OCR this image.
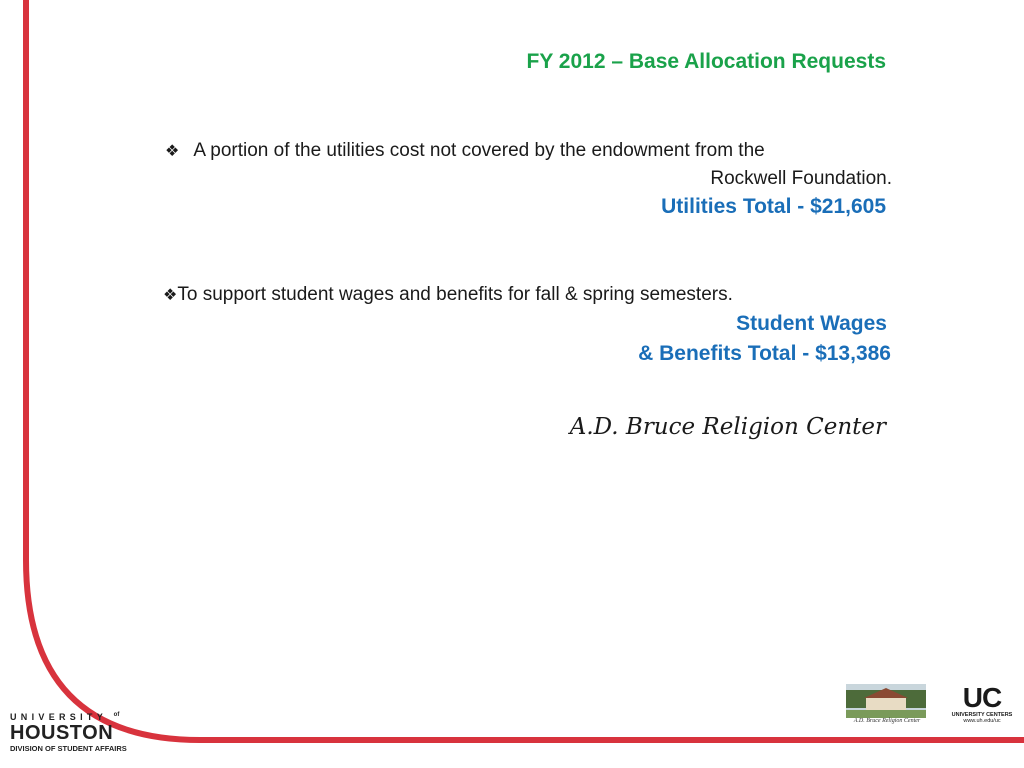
FY 2012 – Base Allocation Requests
❖ A portion of the utilities cost not covered by the endowment from the
Rockwell Foundation.
Utilities Total - $21,605
❖To support student wages and benefits for fall & spring semesters.
Student Wages
& Benefits Total - $13,386
A.D. Bruce Religion Center
UNIVERSITY $^{of}$
HOUSTON
DIVISION OF STUDENT AFFAIRS
A.D. Bruce Religion Center
UC
UNIVERSITY CENTERS
www.uh.edu/uc
